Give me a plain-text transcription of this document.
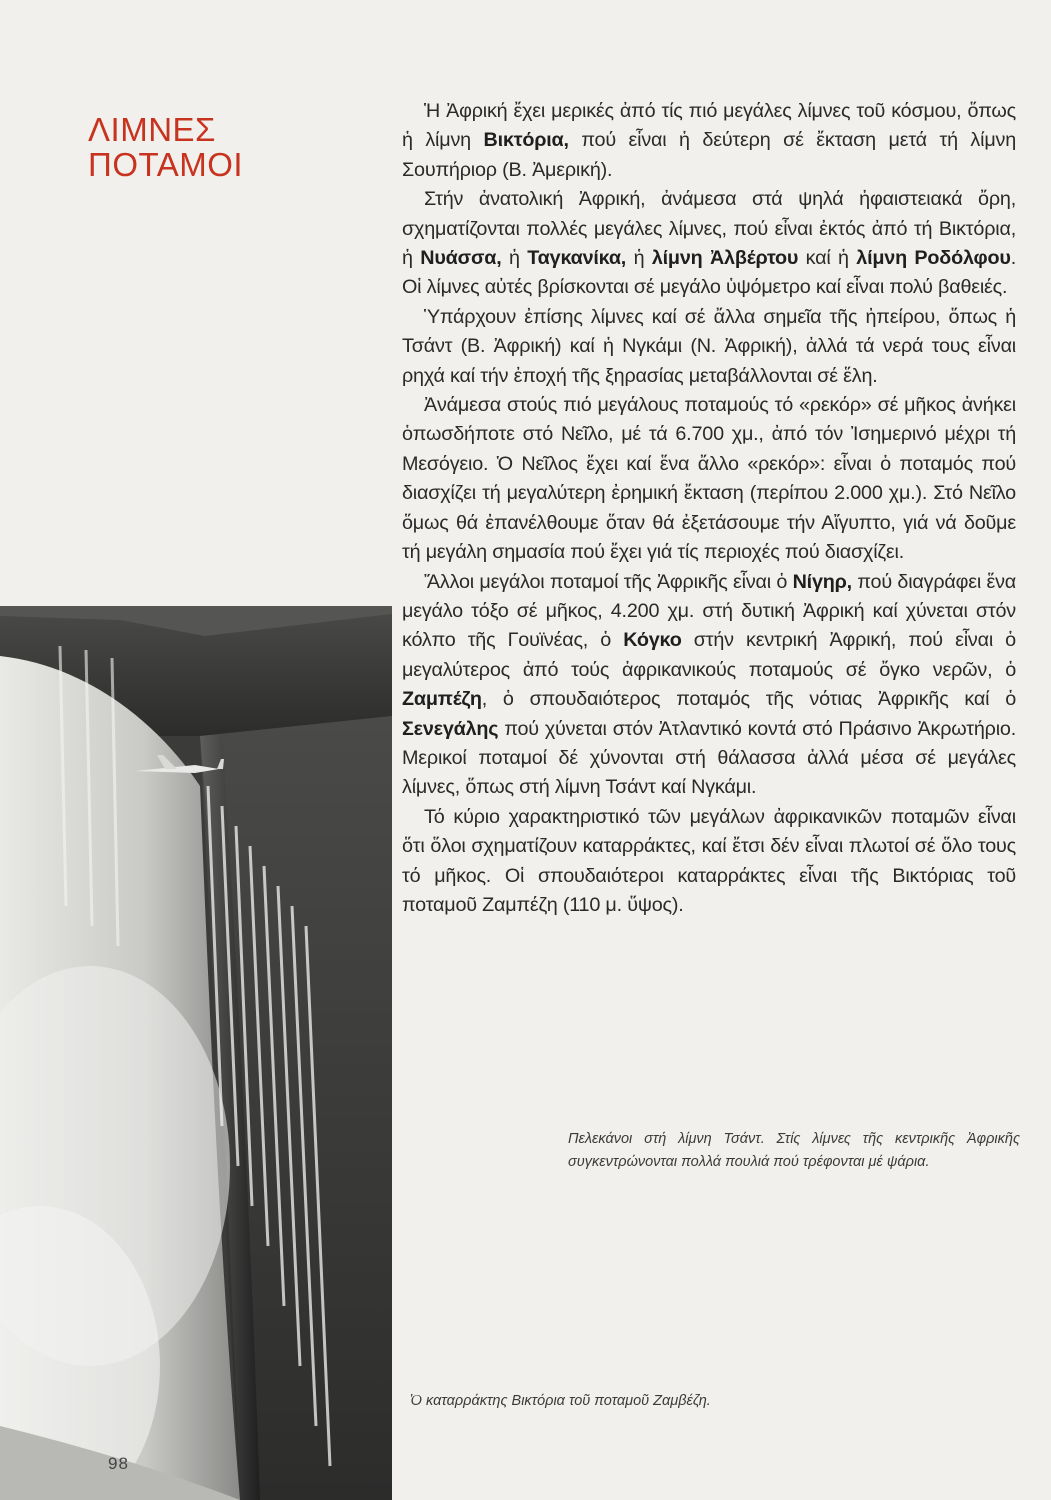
ΛΙΜΝΕΣ
ΠΟΤΑΜΟΙ

Ἡ Ἀφρική ἔχει μερικές ἀπό τίς πιό μεγάλες λίμνες τοῦ κόσμου, ὅπως ἡ λίμνη Βικτόρια, πού εἶναι ἡ δεύτερη σέ ἔκταση μετά τή λίμνη Σουπήριορ (Β. Ἀμερική).

Στήν ἀνατολική Ἀφρική, ἀνάμεσα στά ψηλά ἠφαιστειακά ὄρη, σχηματίζονται πολλές μεγάλες λίμνες, πού εἶναι ἐκτός ἀπό τή Βικτόρια, ἡ Νυάσσα, ἡ Ταγκανίκα, ἡ λίμνη Ἀλβέρτου καί ἡ λίμνη Ροδόλφου. Οἱ λίμνες αὐτές βρίσκονται σέ μεγάλο ὑψόμετρο καί εἶναι πολύ βαθειές.

Ὑπάρχουν ἐπίσης λίμνες καί σέ ἄλλα σημεῖα τῆς ἠπείρου, ὅπως ἡ Τσάντ (Β. Ἀφρική) καί ἡ Νγκάμι (Ν. Ἀφρική), ἀλλά τά νερά τους εἶναι ρηχά καί τήν ἐποχή τῆς ξηρασίας μεταβάλλονται σέ ἕλη.

Ἀνάμεσα στούς πιό μεγάλους ποταμούς τό «ρεκόρ» σέ μῆκος ἀνήκει ὁπωσδήποτε στό Νεῖλο, μέ τά 6.700 χμ., ἀπό τόν Ἰσημερινό μέχρι τή Μεσόγειο. Ὁ Νεῖλος ἔχει καί ἕνα ἄλλο «ρεκόρ»: εἶναι ὁ ποταμός πού διασχίζει τή μεγαλύτερη ἐρημική ἔκταση (περίπου 2.000 χμ.). Στό Νεῖλο ὅμως θά ἐπανέλθουμε ὅταν θά ἐξετάσουμε τήν Αἴγυπτο, γιά νά δοῦμε τή μεγάλη σημασία πού ἔχει γιά τίς περιοχές πού διασχίζει.

Ἄλλοι μεγάλοι ποταμοί τῆς Ἀφρικῆς εἶναι ὁ Νίγηρ, πού διαγράφει ἕνα μεγάλο τόξο σέ μῆκος, 4.200 χμ. στή δυτική Ἀφρική καί χύνεται στόν κόλπο τῆς Γουϊνέας, ὁ Κόγκο στήν κεντρική Ἀφρική, πού εἶναι ὁ μεγαλύτερος ἀπό τούς ἀφρικανικούς ποταμούς σέ ὄγκο νερῶν, ὁ Ζαμπέζη, ὁ σπουδαιότερος ποταμός τῆς νότιας Ἀφρικῆς καί ὁ Σενεγάλης πού χύνεται στόν Ἀτλαντικό κοντά στό Πράσινο Ἀκρωτήριο. Μερικοί ποταμοί δέ χύνονται στή θάλασσα ἀλλά μέσα σέ μεγάλες λίμνες, ὅπως στή λίμνη Τσάντ καί Νγκάμι.

Τό κύριο χαρακτηριστικό τῶν μεγάλων ἀφρικανικῶν ποταμῶν εἶναι ὅτι ὅλοι σχηματίζουν καταρράκτες, καί ἔτσι δέν εἶναι πλωτοί σέ ὅλο τους τό μῆκος. Οἱ σπουδαιότεροι καταρράκτες εἶναι τῆς Βικτόριας τοῦ ποταμοῦ Ζαμπέζη (110 μ. ὕψος).

Πελεκάνοι στή λίμνη Τσάντ. Στίς λίμνες τῆς κεντρικῆς Ἀφρικῆς συγκεντρώνονται πολλά πουλιά πού τρέφονται μέ ψάρια.

Ὁ καταρράκτης Βικτόρια τοῦ ποταμοῦ Ζαμβέζη.

98
